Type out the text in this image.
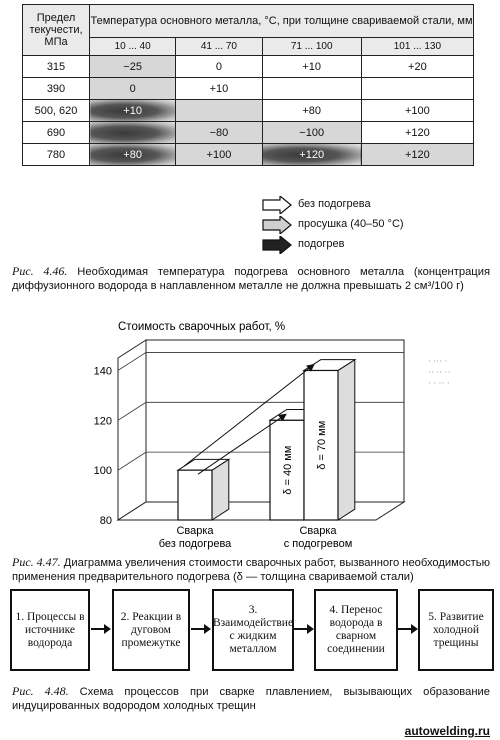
Предел текучести, МПа	Температура основного металла, °С, при толщине свариваемой стали, мм			
	10 ... 40	41 ... 70	71 ... 100	101 ... 130
315	−25	0	+10	+20
390	0	+10		
500, 620	+10		+80	+100
690		−80	−100	+120
780	+80	+100	+120	+120
без подогрева
просушка (40–50 °С)
подогрев
Рис. 4.46. Необходимая температура подогрева основного металла (концентрация диффузионного водорода в наплавленном металле не должна превышать 2 см³/100 г)
Стоимость сварочных работ, %
80
100
120
140
δ = 40 мм
δ = 70 мм
Сварка
без подогрева
Сварка
с подогревом
· ··· ·
·· ·· ··
· · ·· ·
Рис. 4.47. Диаграмма увеличения стоимости сварочных работ, вызванного необходимостью применения предварительного подогрева (δ — толщина свариваемой стали)
1. Процессы в источнике водорода
2. Реакции в дуговом промежутке
3. Взаимодействие с жидким металлом
4. Перенос водорода в сварном соединении
5. Развитие холодной трещины
Рис. 4.48. Схема процессов при сварке плавлением, вызывающих образование индуцированных водородом холодных трещин
autowelding.ru
